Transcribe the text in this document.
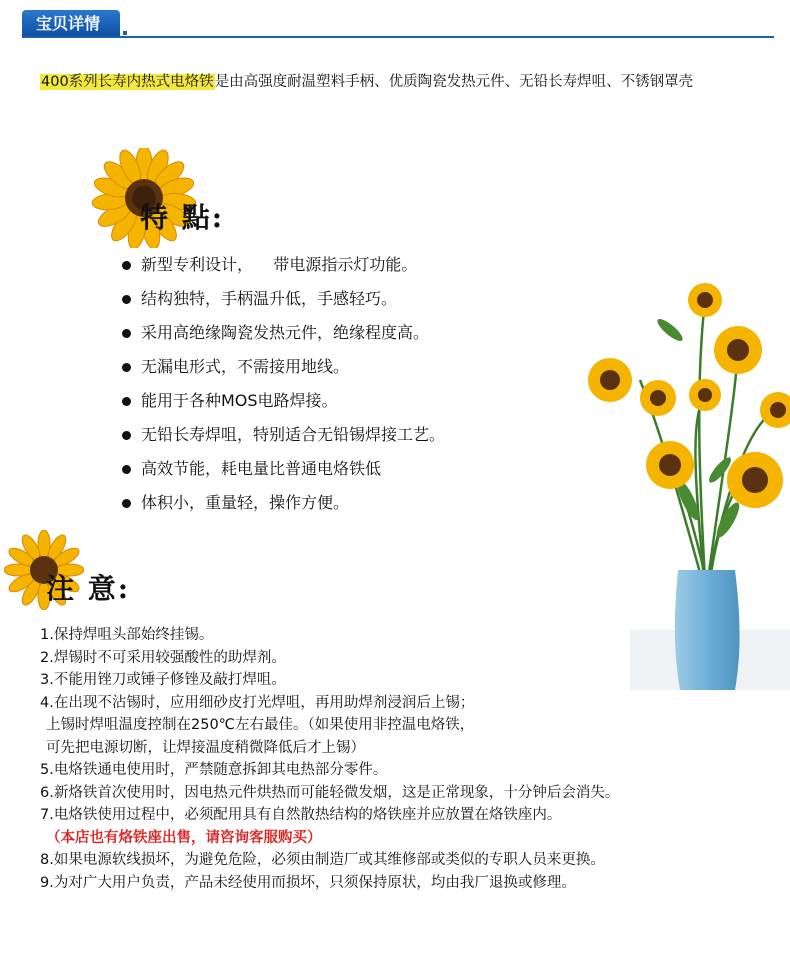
宝贝详情
400系列长寿内热式电烙铁是由高强度耐温塑料手柄、优质陶瓷发热元件、无铅长寿焊咀、不锈钢罩壳
特 點:
新型专利设计，    带电源指示灯功能。
结构独特，手柄温升低，手感轻巧。
采用高绝缘陶瓷发热元件，绝缘程度高。
无漏电形式，不需接用地线。
能用于各种MOS电路焊接。
无铅长寿焊咀，特别适合无铅锡焊接工艺。
高效节能，耗电量比普通电烙铁低
体积小，重量轻，操作方便。
注 意:
1.保持焊咀头部始终挂锡。
2.焊锡时不可采用较强酸性的助焊剂。
3.不能用锉刀或锤子修锉及敲打焊咀。
4.在出现不沾锡时，应用细砂皮打光焊咀，再用助焊剂浸润后上锡；
上锡时焊咀温度控制在250℃左右最佳。（如果使用非控温电烙铁，
可先把电源切断，让焊接温度稍微降低后才上锡）
5.电烙铁通电使用时，严禁随意拆卸其电热部分零件。
6.新烙铁首次使用时，因电热元件烘热而可能轻微发烟，这是正常现象，十分钟后会消失。
7.电烙铁使用过程中，必须配用具有自然散热结构的烙铁座并应放置在烙铁座内。
（本店也有烙铁座出售，请咨询客服购买）
8.如果电源软线损坏，为避免危险，必须由制造厂或其维修部或类似的专职人员来更换。
9.为对广大用户负责，产品未经使用而损坏，只须保持原状，均由我厂退换或修理。
